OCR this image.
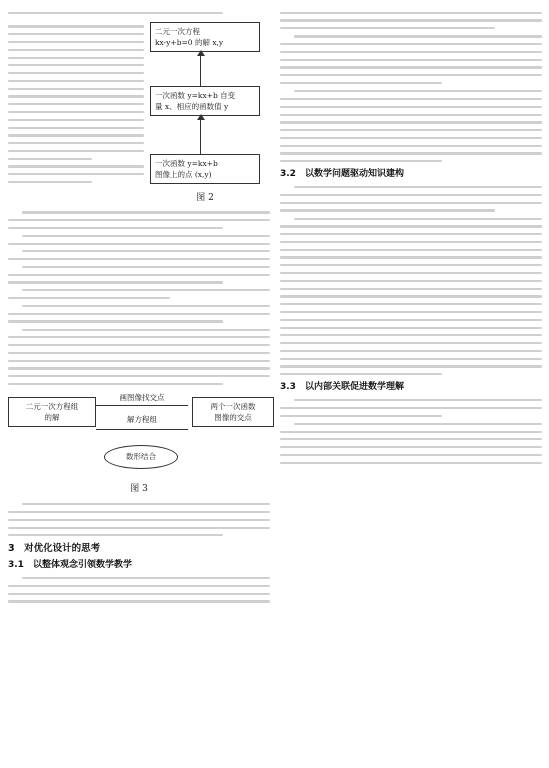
二元一次方程
kx-y+b=0 的解 x,y
一次函数 y=kx+b 自变
量 x、相应的函数值 y
一次函数 y=kx+b
图像上的点 (x,y)
图 2
二元一次方程组
的解
画图像找交点
解方程组
两个一次函数
图像的交点
数形结合
图 3
3　对优化设计的思考
3.1　以整体观念引领数学教学
3.2　以数学问题驱动知识建构
3.3　以内部关联促进数学理解
